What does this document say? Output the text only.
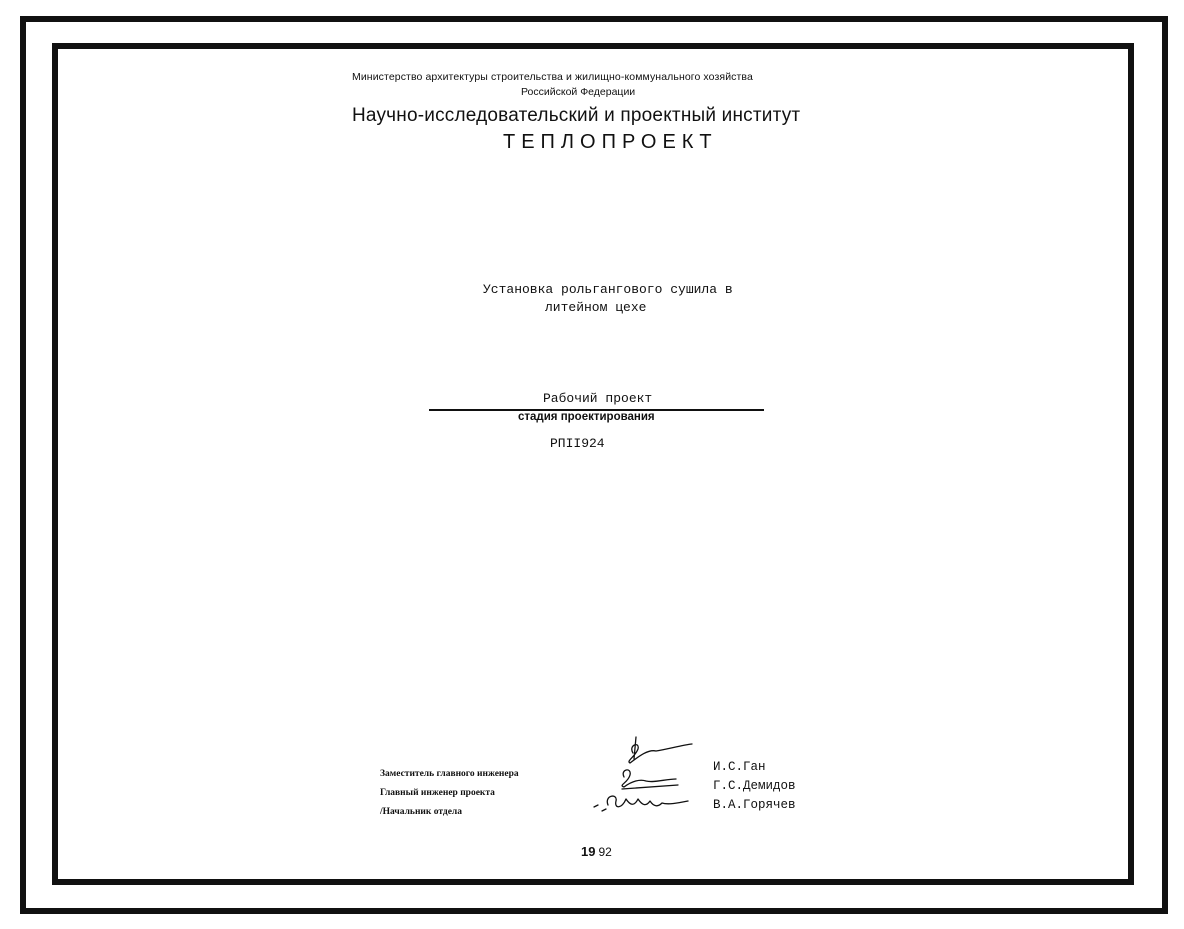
Министерство архитектуры строительства и жилищно-коммунального хозяйства
Российской Федерации
Научно-исследовательский и проектный институт
ТЕПЛОПРОЕКТ
Установка рольгангового сушила в
литейном цехе
Рабочий проект
стадия проектирования
РПII924
Заместитель главного инженера
Главный инженер проекта
/Начальник отдела
И.С.Ган
Г.С.Демидов
В.А.Горячев
19 92
